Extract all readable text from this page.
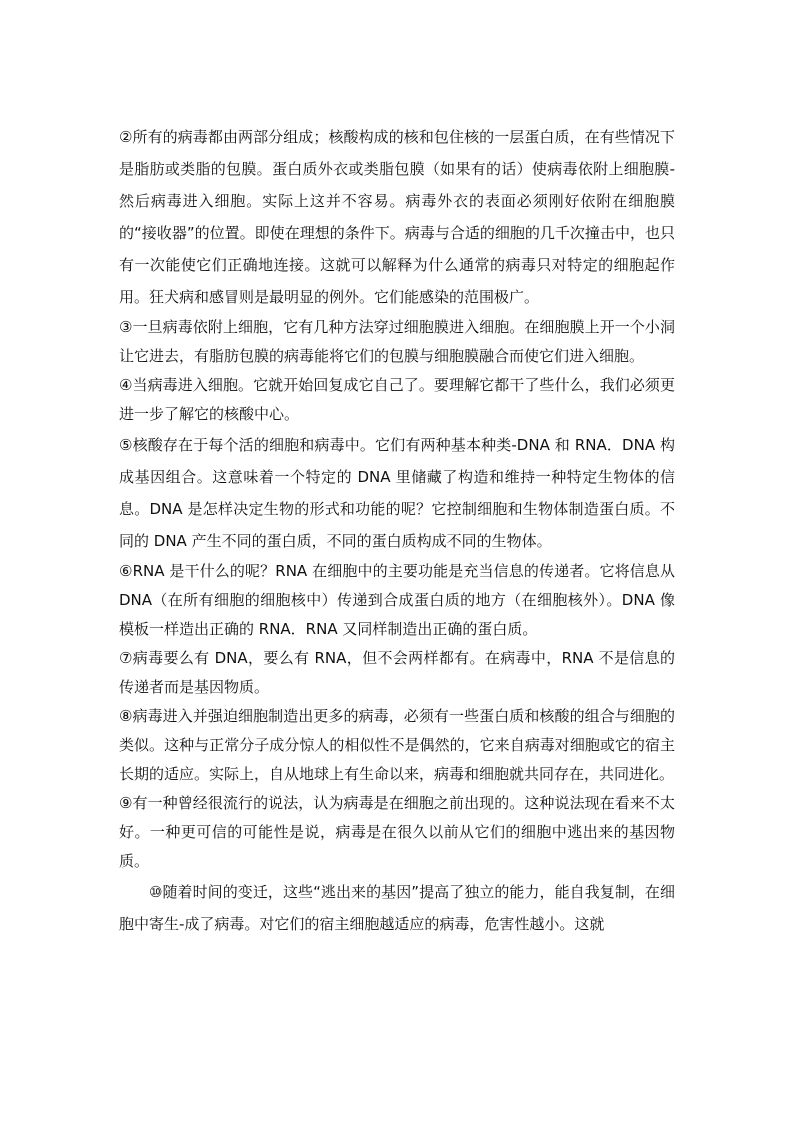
②所有的病毒都由两部分组成；核酸构成的核和包住核的一层蛋白质，在有些情况下是脂肪或类脂的包膜。蛋白质外衣或类脂包膜（如果有的话）使病毒依附上细胞膜-然后病毒进入细胞。实际上这并不容易。病毒外衣的表面必须刚好依附在细胞膜的“接收器”的位置。即使在理想的条件下。病毒与合适的细胞的几千次撞击中，也只有一次能使它们正确地连接。这就可以解释为什么通常的病毒只对特定的细胞起作用。狂犬病和感冒则是最明显的例外。它们能感染的范围极广。

③一旦病毒依附上细胞，它有几种方法穿过细胞膜进入细胞。在细胞膜上开一个小洞让它进去，有脂肪包膜的病毒能将它们的包膜与细胞膜融合而使它们进入细胞。

④当病毒进入细胞。它就开始回复成它自己了。要理解它都干了些什么，我们必须更进一步了解它的核酸中心。

⑤核酸存在于每个活的细胞和病毒中。它们有两种基本种类-DNA 和 RNA．DNA 构成基因组合。这意味着一个特定的 DNA 里储藏了构造和维持一种特定生物体的信息。DNA 是怎样决定生物的形式和功能的呢？它控制细胞和生物体制造蛋白质。不同的 DNA 产生不同的蛋白质，不同的蛋白质构成不同的生物体。

⑥RNA 是干什么的呢？RNA 在细胞中的主要功能是充当信息的传递者。它将信息从 DNA（在所有细胞的细胞核中）传递到合成蛋白质的地方（在细胞核外）。DNA 像模板一样造出正确的 RNA．RNA 又同样制造出正确的蛋白质。

⑦病毒要么有 DNA，要么有 RNA，但不会两样都有。在病毒中，RNA 不是信息的传递者而是基因物质。

⑧病毒进入并强迫细胞制造出更多的病毒，必须有一些蛋白质和核酸的组合与细胞的类似。这种与正常分子成分惊人的相似性不是偶然的，它来自病毒对细胞或它的宿主长期的适应。实际上，自从地球上有生命以来，病毒和细胞就共同存在，共同进化。

⑨有一种曾经很流行的说法，认为病毒是在细胞之前出现的。这种说法现在看来不太好。一种更可信的可能性是说，病毒是在很久以前从它们的细胞中逃出来的基因物质。

⑩随着时间的变迁，这些“逃出来的基因”提高了独立的能力，能自我复制，在细胞中寄生-成了病毒。对它们的宿主细胞越适应的病毒，危害性越小。这就
